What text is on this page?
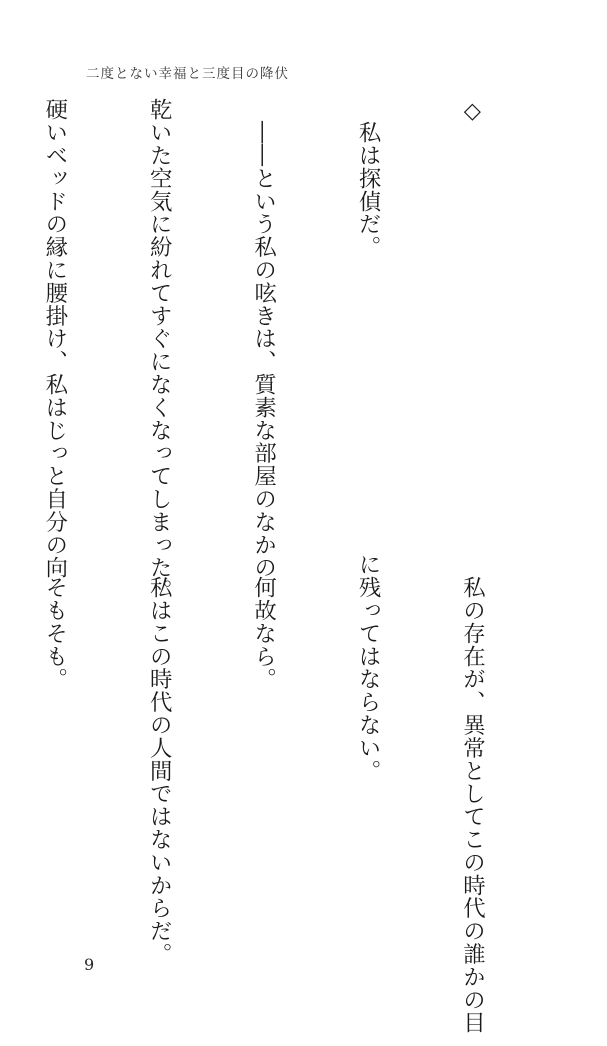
二度とない幸福と三度目の降伏

◇

　私は探偵だ。

　――という私の呟きは、質素な部屋のなかの

乾いた空気に紛れてすぐになくなってしまった。

硬いベッドの縁に腰掛け、私はじっと自分の向

　私の存在が、異常としてこの時代の誰かの目

に残ってはならない。

　何故なら。

　私はこの時代の人間ではないからだ。

　そもそも。

9
